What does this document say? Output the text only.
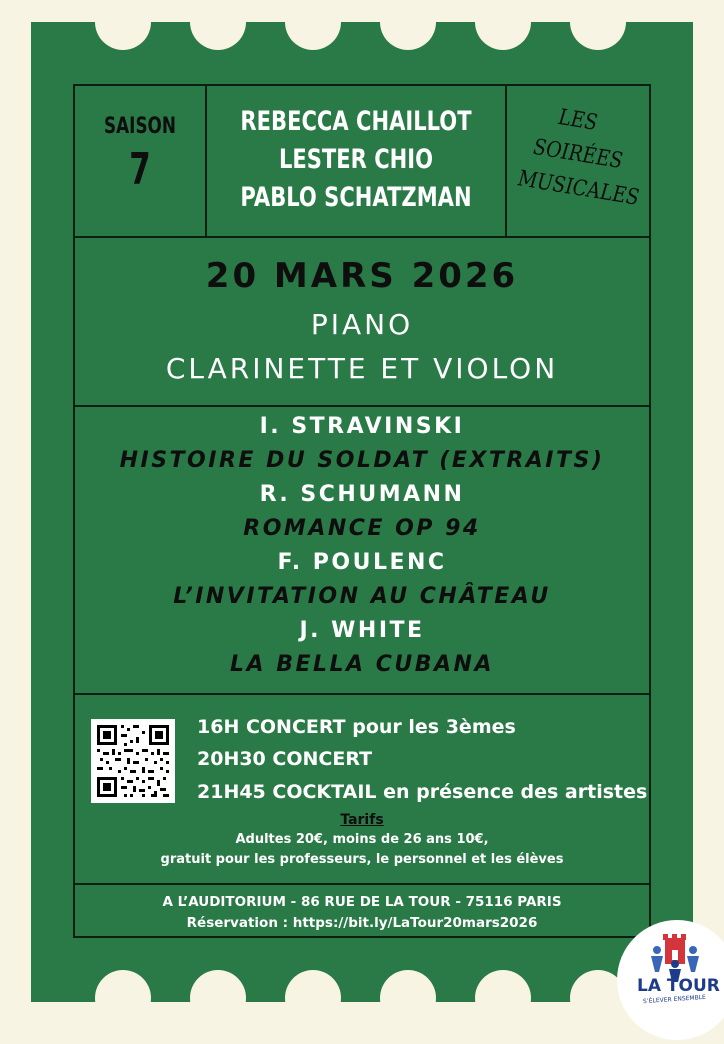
SAISON
7
REBECCA CHAILLOT
LESTER CHIO
PABLO SCHATZMAN
LES
SOIRÉES
MUSICALES
20 MARS 2026
PIANO
CLARINETTE ET VIOLON
I. STRAVINSKI
HISTOIRE DU SOLDAT (EXTRAITS)
R. SCHUMANN
ROMANCE OP 94
F. POULENC
L’INVITATION AU CHÂTEAU
J. WHITE
LA BELLA CUBANA
16H CONCERT pour les 3èmes
20H30 CONCERT
21H45 COCKTAIL en présence des artistes
Tarifs
Adultes 20€, moins de 26 ans 10€,
gratuit pour les professeurs, le personnel et les élèves
A L’AUDITORIUM - 86 RUE DE LA TOUR - 75116 PARIS
Réservation : https://bit.ly/LaTour20mars2026
LA TOUR
S’ÉLEVER ENSEMBLE
